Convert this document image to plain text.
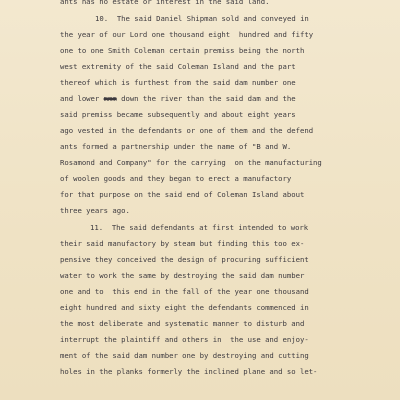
ants has no estate or interest in the said land.
10.  The said Daniel Shipman sold and conveyed in
the year of our Lord one thousand eight  hundred and fifty
one to one Smith Coleman certain premiss being the north
west extremity of the said Coleman Island and the part
thereof which is furthest from the said dam number one
and lower mmm down the river than the said dam and the
said premiss became subsequently and about eight years
ago vested in the defendants or one of them and the defend
ants formed a partnership under the name of "B and W.
Rosamond and Company" for the carrying  on the manufacturing
of woolen goods and they began to erect a manufactory
for that purpose on the said end of Coleman Island about
three years ago.
11.  The said defendants at first intended to work
their said manufactory by steam but finding this too ex-
pensive they conceived the design of procuring sufficient
water to work the same by destroying the said dam number
one and to  this end in the fall of the year one thousand
eight hundred and sixty eight the defendants commenced in
the most deliberate and systematic manner to disturb and
interrupt the plaintiff and others in  the use and enjoy-
ment of the said dam number one by destroying and cutting
holes in the planks formerly the inclined plane and so let-
